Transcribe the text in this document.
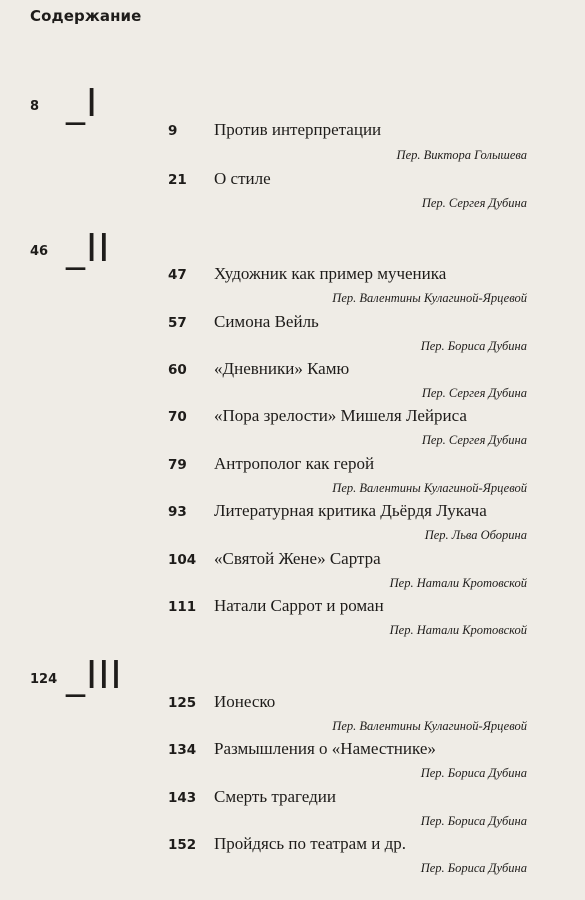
Содержание
8 _I
9	Против интерпретации
Пер. Виктора Голышева
21	О стиле
Пер. Сергея Дубина
46 _II
47	Художник как пример мученика
Пер. Валентины Кулагиной-Ярцевой
57	Симона Вейль
Пер. Бориса Дубина
60	«Дневники» Камю
Пер. Сергея Дубина
70	«Пора зрелости» Мишеля Лейриса
Пер. Сергея Дубина
79	Антрополог как герой
Пер. Валентины Кулагиной-Ярцевой
93	Литературная критика Дьёрдя Лукача
Пер. Льва Оборина
104	«Святой Жене» Сартра
Пер. Натали Кротовской
111	Натали Саррот и роман
Пер. Натали Кротовской
124 _III
125	Ионеско
Пер. Валентины Кулагиной-Ярцевой
134	Размышления о «Наместнике»
Пер. Бориса Дубина
143	Смерть трагедии
Пер. Бориса Дубина
152	Пройдясь по театрам и др.
Пер. Бориса Дубина
